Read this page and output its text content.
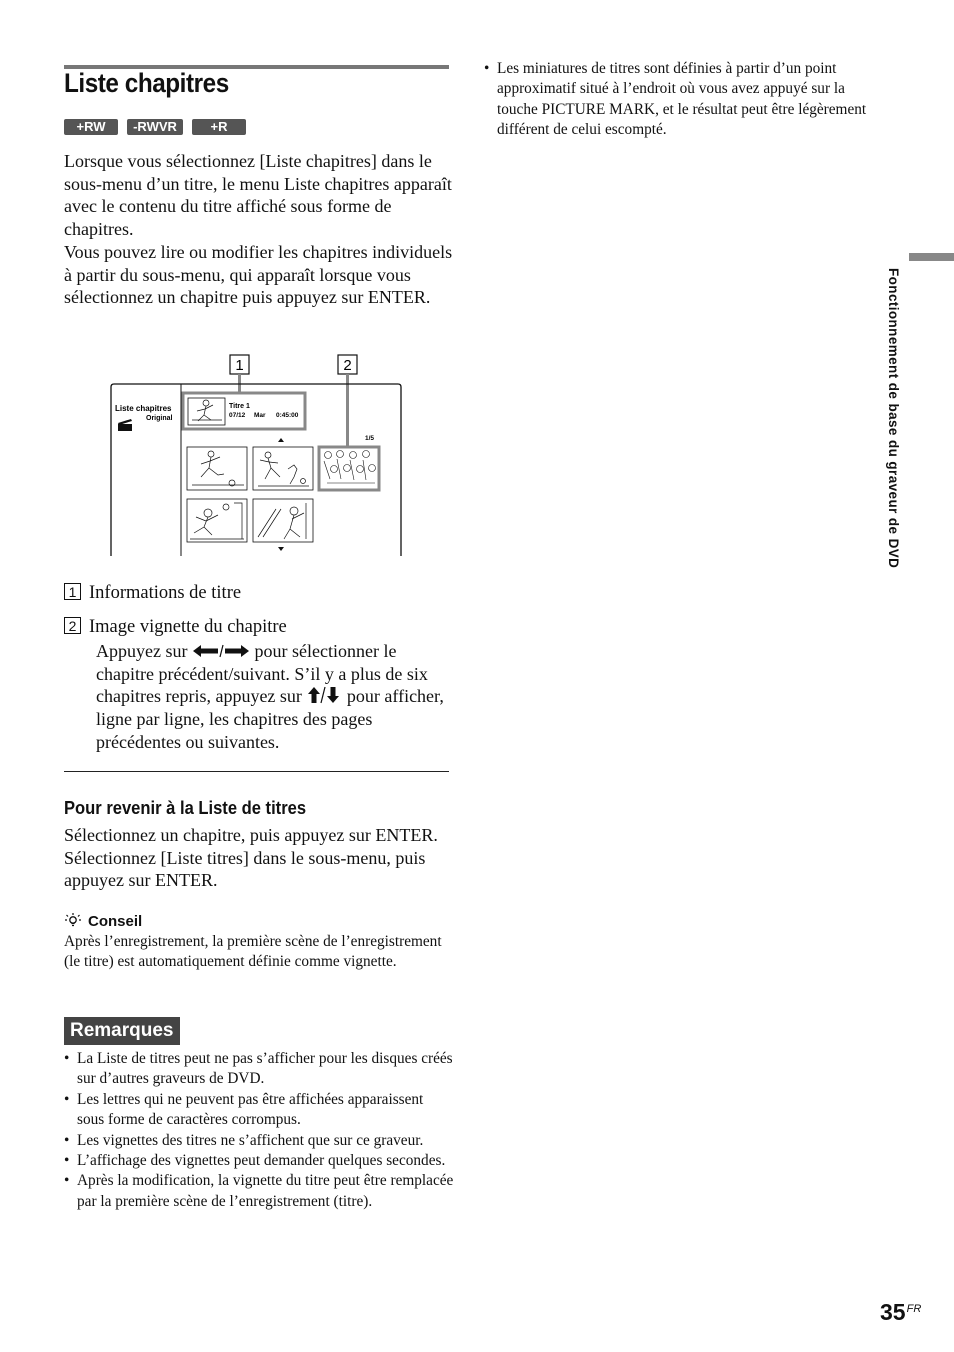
Liste chapitres
+RW	-RWVR	+R
Lorsque vous sélectionnez [Liste chapitres] dans le sous-menu d’un titre, le menu Liste chapitres apparaît avec le contenu du titre affiché sous forme de chapitres.
Vous pouvez lire ou modifier les chapitres individuels à partir du sous-menu, qui apparaît lorsque vous sélectionnez un chapitre puis appuyez sur ENTER.
1	2
Liste chapitres
Original
Titre 1
07/12 Mar 0:45:00
1/5
1 Informations de titre
2 Image vignette du chapitre
Appuyez sur	pour sélectionner le chapitre précédent/suivant. S’il y a plus de six chapitres repris, appuyez sur	pour afficher, ligne par ligne, les chapitres des pages précédentes ou suivantes.
Pour revenir à la Liste de titres
Sélectionnez un chapitre, puis appuyez sur ENTER. Sélectionnez [Liste titres] dans le sous-menu, puis appuyez sur ENTER.
Conseil
Après l’enregistrement, la première scène de l’enregistrement (le titre) est automatiquement définie comme vignette.
Remarques
• La Liste de titres peut ne pas s’afficher pour les disques créés sur d’autres graveurs de DVD.
• Les lettres qui ne peuvent pas être affichées apparaissent sous forme de caractères corrompus.
• Les vignettes des titres ne s’affichent que sur ce graveur.
• L’affichage des vignettes peut demander quelques secondes.
• Après la modification, la vignette du titre peut être remplacée par la première scène de l’enregistrement (titre).
• Les miniatures de titres sont définies à partir d’un point approximatif situé à l’endroit où vous avez appuyé sur la touche PICTURE MARK, et le résultat peut être légèrement différent de celui escompté.
Fonctionnement de base du graveur de DVD
$35^{FR}$
